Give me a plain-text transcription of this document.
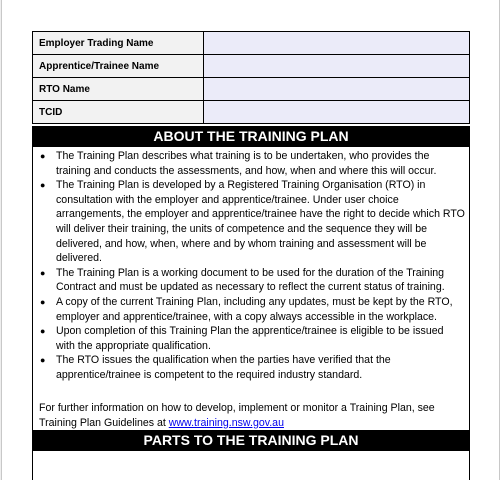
Employer Trading Name	
Apprentice/Trainee Name	
RTO Name	
TCID	
ABOUT THE TRAINING PLAN
● The Training Plan describes what training is to be undertaken, who provides the training and conducts the assessments, and how, when and where this will occur.
● The Training Plan is developed by a Registered Training Organisation (RTO) in consultation with the employer and apprentice/trainee. Under user choice arrangements, the employer and apprentice/trainee have the right to decide which RTO will deliver their training, the units of competence and the sequence they will be delivered, and how, when, where and by whom training and assessment will be delivered.
● The Training Plan is a working document to be used for the duration of the Training Contract and must be updated as necessary to reflect the current status of training.
● A copy of the current Training Plan, including any updates, must be kept by the RTO, employer and apprentice/trainee, with a copy always accessible in the workplace.
● Upon completion of this Training Plan the apprentice/trainee is eligible to be issued with the appropriate qualification.
● The RTO issues the qualification when the parties have verified that the apprentice/trainee is competent to the required industry standard.
For further information on how to develop, implement or monitor a Training Plan, see Training Plan Guidelines at www.training.nsw.gov.au
PARTS TO THE TRAINING PLAN
